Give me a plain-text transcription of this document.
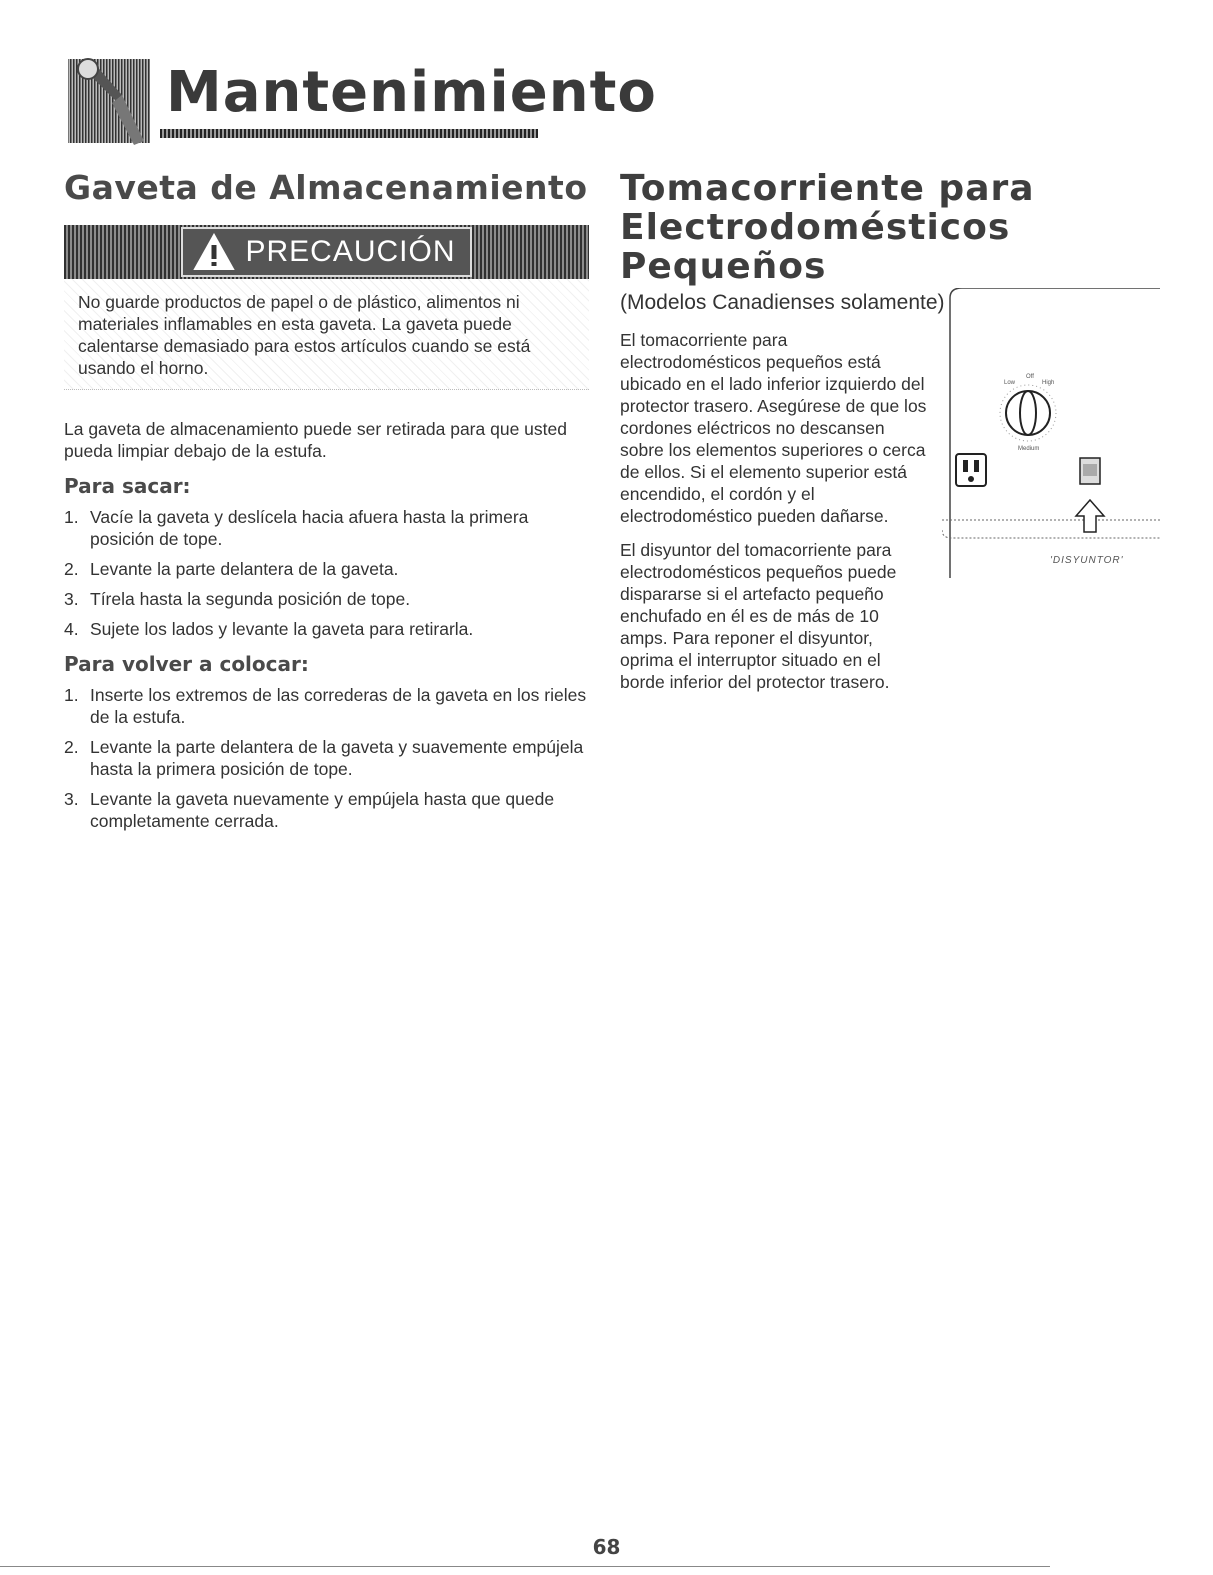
Mantenimiento
Gaveta de Almacenamiento
PRECAUCIÓN
No guarde productos de papel o de plástico, alimentos ni materiales inflamables en esta gaveta. La gaveta puede calentarse demasiado para estos artículos cuando se está usando el horno.
La gaveta de almacenamiento puede ser retirada para que usted pueda limpiar debajo de la estufa.
Para sacar:
1. Vacíe la gaveta y deslícela hacia afuera hasta la primera posición de tope.
2. Levante la parte delantera de la gaveta.
3. Tírela hasta la segunda posición de tope.
4. Sujete los lados y levante la gaveta para retirarla.
Para volver a colocar:
1. Inserte los extremos de las correderas de la gaveta en los rieles de la estufa.
2. Levante la parte delantera de la gaveta y suavemente empújela hasta la primera posición de tope.
3. Levante la gaveta nuevamente y empújela hasta que quede completamente cerrada.
Tomacorriente para
Electrodomésticos Pequeños
(Modelos Canadienses solamente)

El tomacorriente para electrodomésticos pequeños está ubicado en el lado inferior izquierdo del protector trasero. Asegúrese de que los cordones eléctricos no descansen sobre los elementos superiores o cerca de ellos. Si el elemento superior está encendido, el cordón y el electrodoméstico pueden dañarse.

El disyuntor del tomacorriente para electrodomésticos pequeños puede dispararse si el artefacto pequeño enchufado en él es de más de 10 amps. Para reponer el disyuntor, oprima el interruptor situado en el borde inferior del protector trasero.

Off
Low	High
Medium
'DISYUNTOR'
68
